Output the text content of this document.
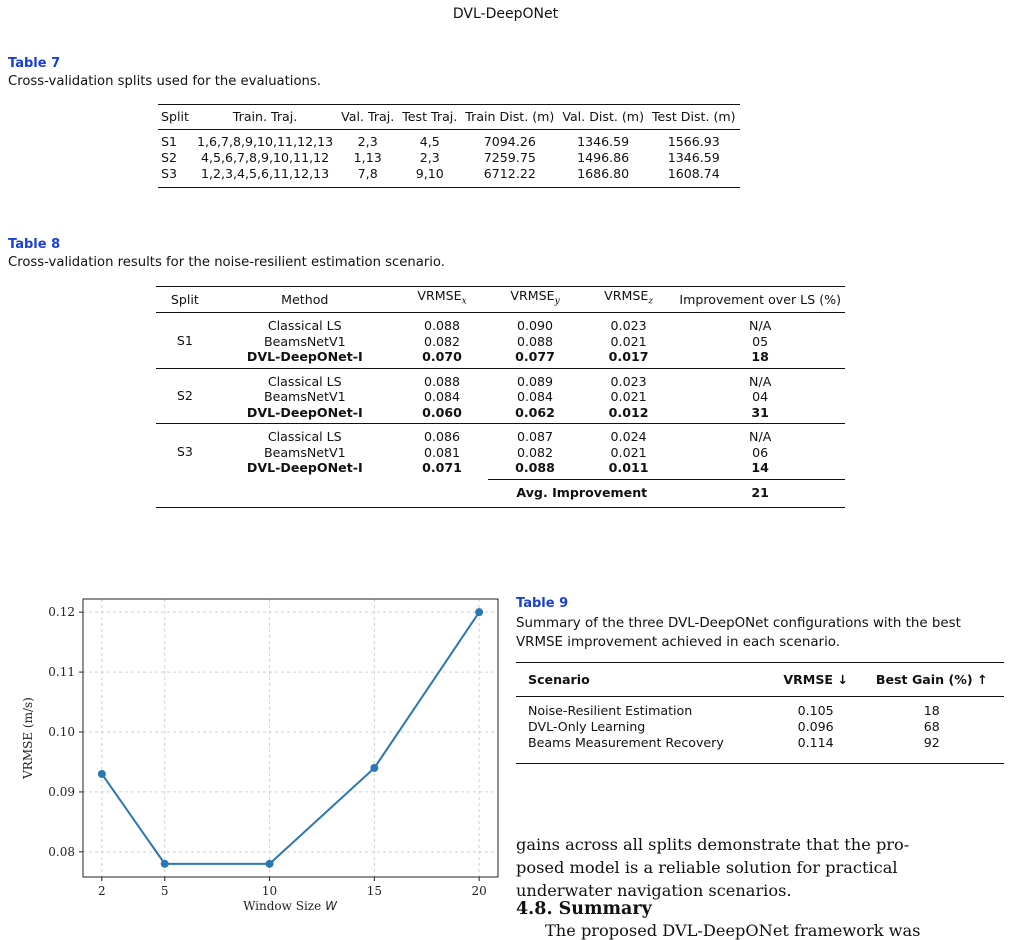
DVL-DeepONet
Table 7
Cross-validation splits used for the evaluations.
Split	Train. Traj.	Val. Traj.	Test Traj.	Train Dist. (m)	Val. Dist. (m)	Test Dist. (m)
S1	1,6,7,8,9,10,11,12,13	2,3	4,5	7094.26	1346.59	1566.93
S2	4,5,6,7,8,9,10,11,12	1,13	2,3	7259.75	1496.86	1346.59
S3	1,2,3,4,5,6,11,12,13	7,8	9,10	6712.22	1686.80	1608.74
Table 8
Cross-validation results for the noise-resilient estimation scenario.
Split	Method	$VRMSE_x$	$VRMSE_y$	$VRMSE_z$	Improvement over LS (%)
S1	Classical LS	0.088	0.090	0.023	N/A
	BeamsNetV1	0.082	0.088	0.021	05
	DVL-DeepONet-I	0.070	0.077	0.017	18
S2	Classical LS	0.088	0.089	0.023	N/A
	BeamsNetV1	0.084	0.084	0.021	04
	DVL-DeepONet-I	0.060	0.062	0.012	31
S3	Classical LS	0.086	0.087	0.024	N/A
	BeamsNetV1	0.081	0.082	0.021	06
	DVL-DeepONet-I	0.071	0.088	0.011	14
			Avg. Improvement		21
2	5	10	15	20
0.08
0.09
0.10
0.11
0.12
Window Size W
VRMSE (m/s)
Table 9
Summary of the three DVL-DeepONet configurations with the best VRMSE improvement achieved in each scenario.
Scenario	VRMSE ↓	Best Gain (%) ↑
Noise-Resilient Estimation	0.105	18
DVL-Only Learning	0.096	68
Beams Measurement Recovery	0.114	92
gains across all splits demonstrate that the pro-
posed model is a reliable solution for practical
underwater navigation scenarios.
4.8. Summary
The proposed DVL-DeepONet framework was
